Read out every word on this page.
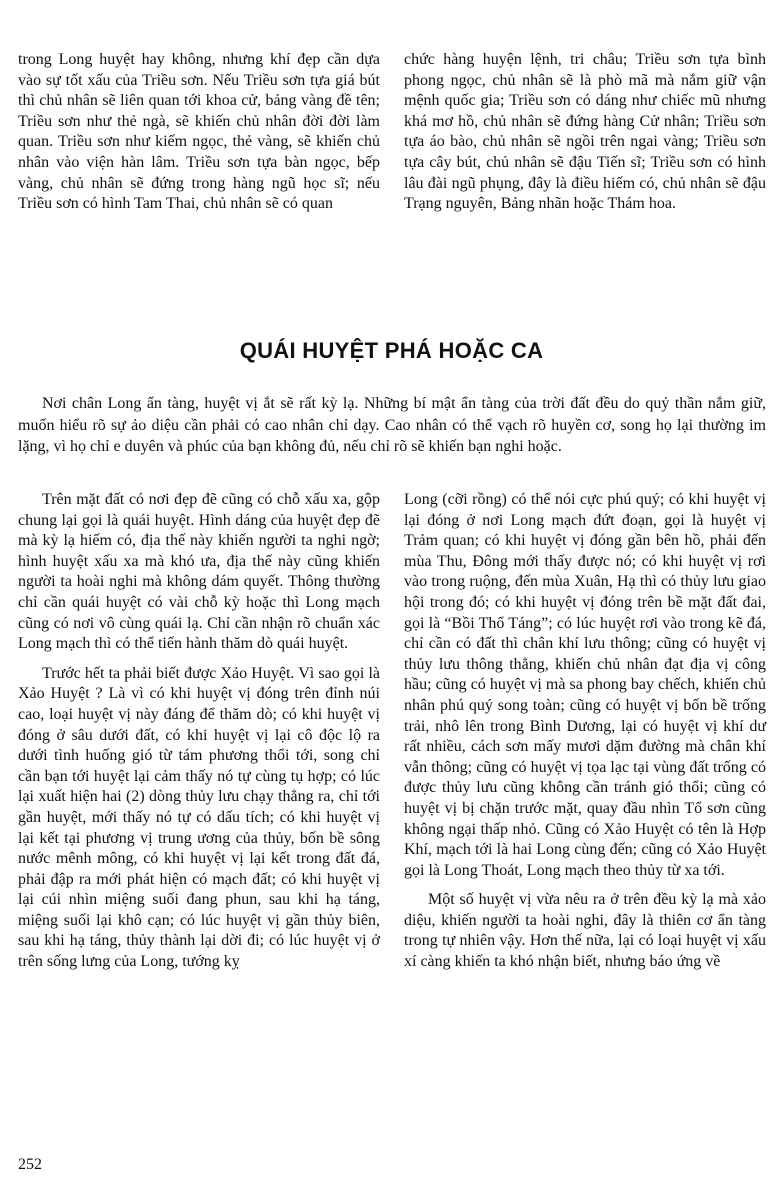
trong Long huyệt hay không, nhưng khí đẹp cần dựa vào sự tốt xấu của Triều sơn. Nếu Triều sơn tựa giá bút thì chủ nhân sẽ liên quan tới khoa cử, bảng vàng đề tên; Triều sơn như thẻ ngà, sẽ khiến chủ nhân đời đời làm quan. Triều sơn như kiếm ngọc, thẻ vàng, sẽ khiến chủ nhân vào viện hàn lâm. Triều sơn tựa bàn ngọc, bếp vàng, chủ nhân sẽ đứng trong hàng ngũ học sĩ; nếu Triều sơn có hình Tam Thai, chủ nhân sẽ có quan

chức hàng huyện lệnh, tri châu; Triều sơn tựa bình phong ngọc, chủ nhân sẽ là phò mã mà nắm giữ vận mệnh quốc gia; Triều sơn có dáng như chiếc mũ nhưng khá mơ hồ, chủ nhân sẽ đứng hàng Cử nhân; Triều sơn tựa áo bào, chủ nhân sẽ ngồi trên ngai vàng; Triều sơn tựa cây bút, chủ nhân sẽ đậu Tiến sĩ; Triều sơn có hình lâu đài ngũ phụng, đây là điều hiếm có, chủ nhân sẽ đậu Trạng nguyên, Bảng nhãn hoặc Thám hoa.

QUÁI HUYỆT PHÁ HOẶC CA

Nơi chân Long ẩn tàng, huyệt vị ắt sẽ rất kỳ lạ. Những bí mật ẩn tàng của trời đất đều do quỷ thần nắm giữ, muốn hiểu rõ sự ảo diệu cần phải có cao nhân chỉ dạy. Cao nhân có thể vạch rõ huyền cơ, song họ lại thường im lặng, vì họ chỉ e duyên và phúc của bạn không đủ, nếu chỉ rõ sẽ khiến bạn nghi hoặc.

Trên mặt đất có nơi đẹp đẽ cũng có chỗ xấu xa, gộp chung lại gọi là quái huyệt. Hình dáng của huyệt đẹp đẽ mà kỳ lạ hiếm có, địa thế này khiến người ta nghi ngờ; hình huyệt xấu xa mà khó ưa, địa thế này cũng khiến người ta hoài nghi mà không dám quyết. Thông thường chỉ cần quái huyệt có vài chỗ kỳ hoặc thì Long mạch cũng có nơi vô cùng quái lạ. Chỉ cần nhận rõ chuẩn xác Long mạch thì có thể tiến hành thăm dò quái huyệt.

Trước hết ta phải biết được Xảo Huyệt. Vì sao gọi là Xảo Huyệt ? Là vì có khi huyệt vị đóng trên đỉnh núi cao, loại huyệt vị này đáng để thăm dò; có khi huyệt vị đóng ở sâu dưới đất, có khi huyệt vị lại cô độc lộ ra dưới tình huống gió từ tám phương thổi tới, song chỉ cần bạn tới huyệt lại cảm thấy nó tự cùng tụ hợp; có lúc lại xuất hiện hai (2) dòng thủy lưu chạy thẳng ra, chỉ tới gần huyệt, mới thấy nó tự có dấu tích; có khi huyệt vị lại kết tại phương vị trung ương của thủy, bốn bề sông nước mênh mông, có khi huyệt vị lại kết trong đất đá, phải đập ra mới phát hiện có mạch đất; có khi huyệt vị lại cúi nhìn miệng suối đang phun, sau khi hạ táng, miệng suối lại khô cạn; có lúc huyệt vị gần thủy biên, sau khi hạ táng, thủy thành lại dời đi; có lúc huyệt vị ở trên sống lưng của Long, tướng kỵ

Long (cỡi rồng) có thể nói cực phú quý; có khi huyệt vị lại đóng ở nơi Long mạch đứt đoạn, gọi là huyệt vị Trảm quan; có khi huyệt vị đóng gần bên hồ, phải đến mùa Thu, Đông mới thấy được nó; có khi huyệt vị rơi vào trong ruộng, đến mùa Xuân, Hạ thì có thủy lưu giao hội trong đó; có khi huyệt vị đóng trên bề mặt đất đai, gọi là “Bồi Thổ Táng”; có lúc huyệt rơi vào trong kẽ đá, chỉ cần có đất thì chân khí lưu thông; cũng có huyệt vị thủy lưu thông thẳng, khiến chủ nhân đạt địa vị công hầu; cũng có huyệt vị mà sa phong bay chếch, khiến chủ nhân phú quý song toàn; cũng có huyệt vị bốn bề trống trải, nhô lên trong Bình Dương, lại có huyệt vị khí dư rất nhiều, cách sơn mấy mươi dặm đường mà chân khí vẫn thông; cũng có huyệt vị tọa lạc tại vùng đất trống có được thủy lưu cũng không cần tránh gió thổi; cũng có huyệt vị bị chặn trước mặt, quay đầu nhìn Tổ sơn cũng không ngại thấp nhỏ. Cũng có Xảo Huyệt có tên là Hợp Khí, mạch tới là hai Long cùng đến; cũng có Xảo Huyệt gọi là Long Thoát, Long mạch theo thủy từ xa tới.

Một số huyệt vị vừa nêu ra ở trên đều kỳ lạ mà xảo diệu, khiến người ta hoài nghi, đây là thiên cơ ẩn tàng trong tự nhiên vậy. Hơn thế nữa, lại có loại huyệt vị xấu xí càng khiến ta khó nhận biết, nhưng báo ứng về

252
